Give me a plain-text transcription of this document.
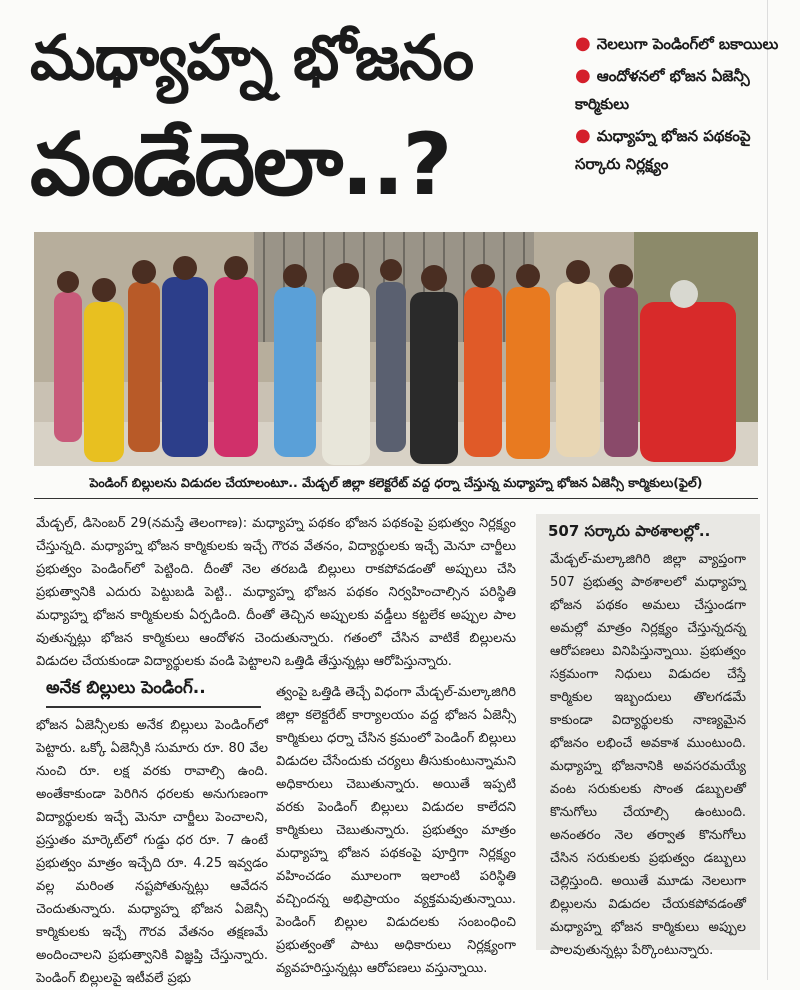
మధ్యాహ్న భోజనం
వండేదెలా..?
● నెలలుగా పెండింగ్‌లో బకాయిలు
● ఆందోళనలో భోజన ఏజెన్సీ కార్మికులు
● మధ్యాహ్న భోజన పథకంపై సర్కారు నిర్లక్ష్యం
పెండింగ్ బిల్లులను విడుదల చేయాలంటూ.. మేడ్చల్ జిల్లా కలెక్టరేట్ వద్ద ధర్నా చేస్తున్న మధ్యాహ్న భోజన ఏజెన్సీ కార్మికులు(ఫైల్)
మేడ్చల్, డిసెంబర్ 29(నమస్తే తెలంగాణ): మధ్యాహ్న పథకం భోజన పథకంపై ప్రభుత్వం నిర్లక్ష్యం చేస్తున్నది. మధ్యాహ్న భోజన కార్మికులకు ఇచ్చే గౌరవ వేతనం, విద్యార్థులకు ఇచ్చే మెనూ చార్జీలు ప్రభుత్వం పెండింగ్‌లో పెట్టింది. దీంతో నెల తరబడి బిల్లులు రాకపోవడంతో అప్పులు చేసి ప్రభుత్వానికి ఎదురు పెట్టుబడి పెట్టి.. మధ్యాహ్న భోజన పథకం నిర్వహించాల్సిన పరిస్థితి మధ్యాహ్న భోజన కార్మికులకు ఏర్పడింది. దీంతో తెచ్చిన అప్పులకు వడ్డీలు కట్టలేక అప్పుల పాల వుతున్నట్లు భోజన కార్మికులు ఆందోళన చెందుతున్నారు. గతంలో చేసిన వాటికే బిల్లులను విడుదల చేయకుండా విద్యార్థులకు వండి పెట్టాలని ఒత్తిడి తేస్తున్నట్లు ఆరోపిస్తున్నారు.
అనేక బిల్లులు పెండింగ్..
భోజన ఏజెన్సీలకు అనేక బిల్లులు పెండింగ్‌లో పెట్టారు. ఒక్కో ఏజెన్సీకి సుమారు రూ. 80 వేల నుంచి రూ. లక్ష వరకు రావాల్సి ఉంది. అంతేకాకుండా పెరిగిన ధరలకు అనుగుణంగా విద్యార్థులకు ఇచ్చే మెనూ చార్జీలు పెంచాలని, ప్రస్తుతం మార్కెట్‌లో గుడ్డు ధర రూ. 7 ఉంటే ప్రభుత్వం మాత్రం ఇచ్చేది రూ. 4.25 ఇవ్వడం వల్ల మరింత నష్టపోతున్నట్లు ఆవేదన చెందుతున్నారు. మధ్యాహ్న భోజన ఏజెన్సీ కార్మికులకు ఇచ్చే గౌరవ వేతనం తక్షణమే అందించాలని ప్రభుత్వానికి విజ్ఞప్తి చేస్తున్నారు. పెండింగ్ బిల్లులపై ఇటీవలే ప్రభు
త్వంపై ఒత్తిడి తెచ్చే విధంగా మేడ్చల్-మల్కాజిగిరి జిల్లా కలెక్టరేట్ కార్యాలయం వద్ద భోజన ఏజెన్సీ కార్మికులు ధర్నా చేసిన క్రమంలో పెండింగ్ బిల్లులు విడుదల చేసేందుకు చర్యలు తీసుకుంటున్నామని అధికారులు చెబుతున్నారు. అయితే ఇప్పటి వరకు పెండింగ్ బిల్లులు విడుదల కాలేదని కార్మికులు చెబుతున్నారు. ప్రభుత్వం మాత్రం మధ్యాహ్న భోజన పథకంపై పూర్తిగా నిర్లక్ష్యం వహించడం మూలంగా ఇలాంటి పరిస్థితి వచ్చిందన్న అభిప్రాయం వ్యక్తమవుతున్నాయి. పెండింగ్ బిల్లుల విడుదలకు సంబంధించి ప్రభుత్వంతో పాటు అధికారులు నిర్లక్ష్యంగా వ్యవహరిస్తున్నట్లు ఆరోపణలు వస్తున్నాయి.
507 సర్కారు పాఠశాలల్లో..
మేడ్చల్-మల్కాజిగిరి జిల్లా వ్యాప్తంగా 507 ప్రభుత్వ పాఠశాలలో మధ్యాహ్న భోజన పథకం అమలు చేస్తుండగా అమల్లో మాత్రం నిర్లక్ష్యం చేస్తున్నదన్న ఆరోపణలు వినిపిస్తున్నాయి. ప్రభుత్వం సక్రమంగా నిధులు విడుదల చేస్తే కార్మికుల ఇబ్బందులు తొలగడమే కాకుండా విద్యార్థులకు నాణ్యమైన భోజనం లభించే అవకాశ ముంటుంది. మధ్యాహ్న భోజనానికి అవసరమయ్యే వంట సరుకులకు సొంత డబ్బులతో కొనుగోలు చేయాల్సి ఉంటుంది. అనంతరం నెల తర్వాత కొనుగోలు చేసిన సరుకులకు ప్రభుత్వం డబ్బులు చెల్లిస్తుంది. అయితే మూడు నెలలుగా బిల్లులను విడుదల చేయకపోవడంతో మధ్యాహ్న భోజన కార్మికులు అప్పుల పాలవుతున్నట్లు పేర్కొంటున్నారు.
